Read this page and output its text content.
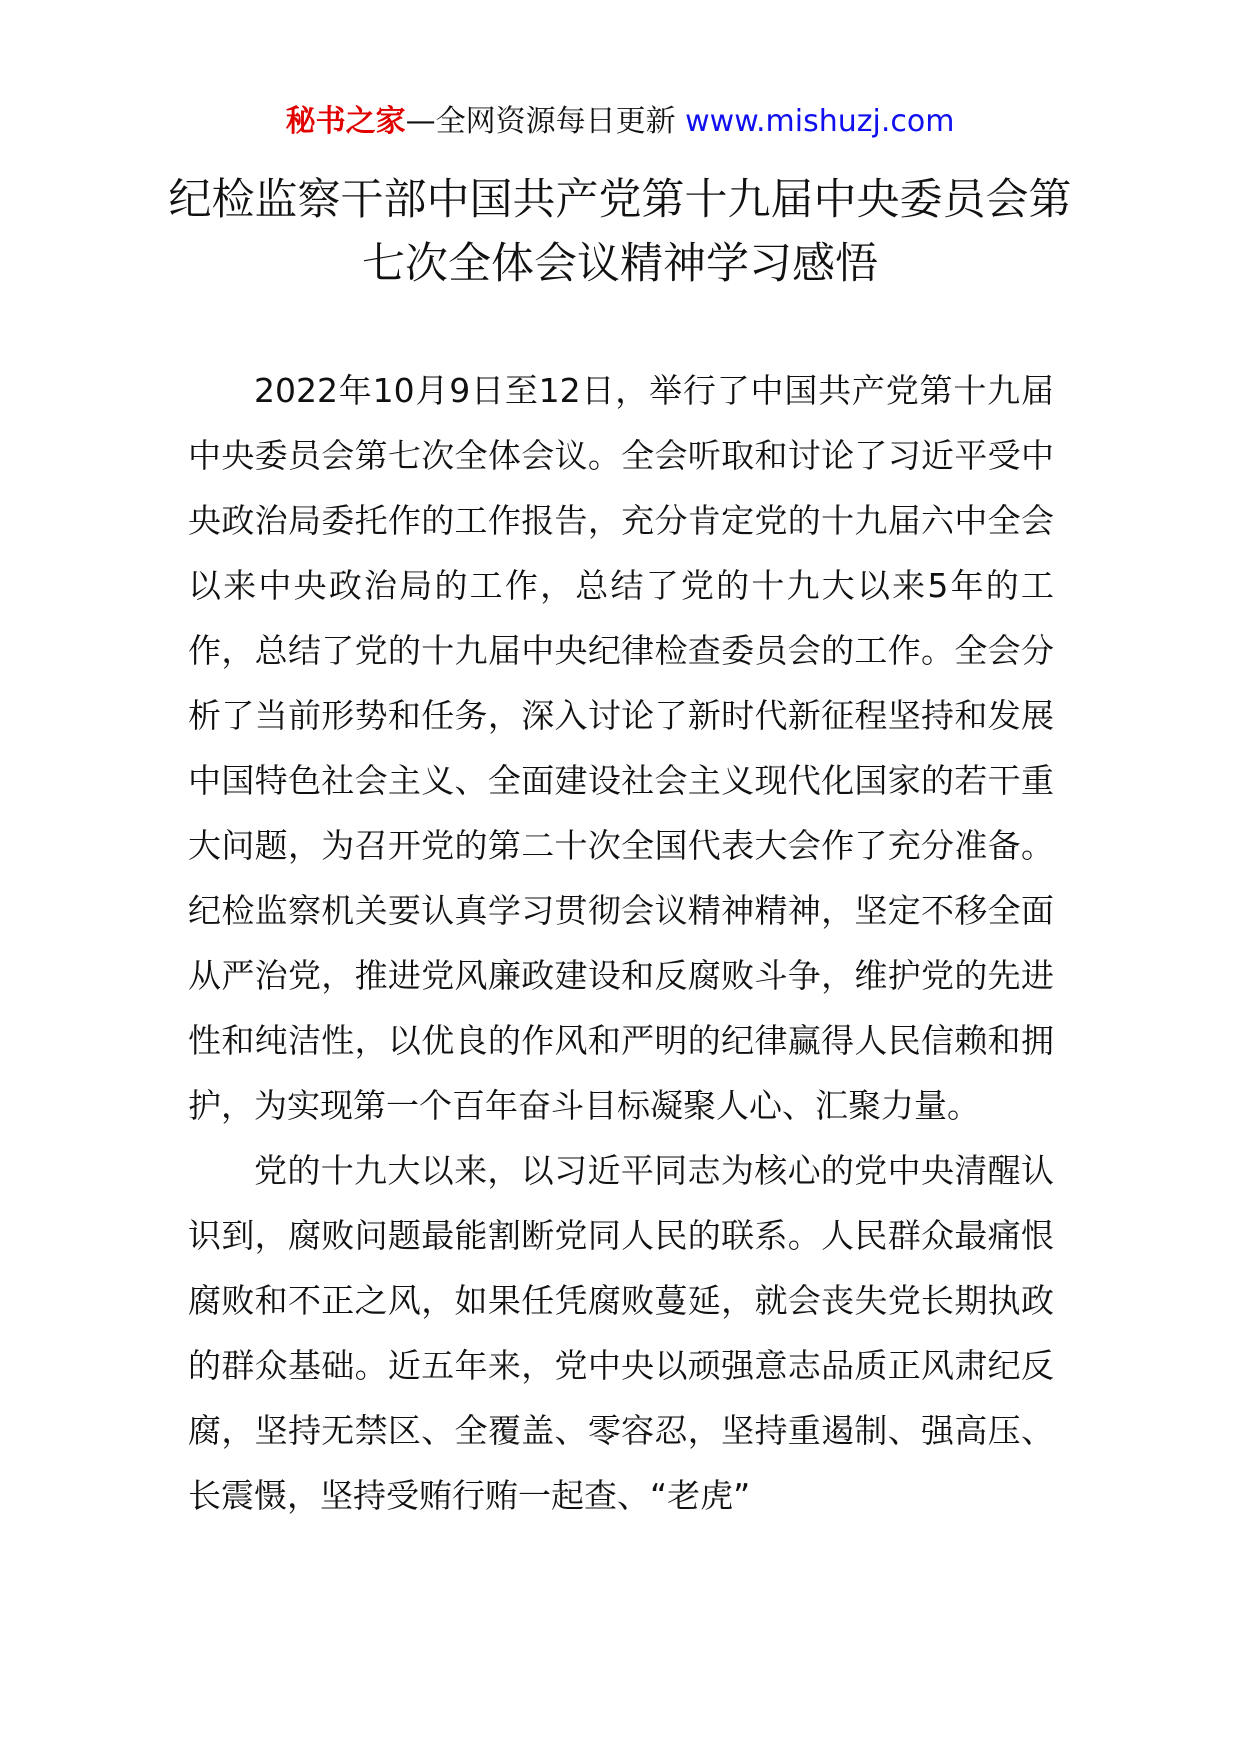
秘书之家—全网资源每日更新 www.mishuzj.com
纪检监察干部中国共产党第十九届中央委员会第七次全体会议精神学习感悟

2022年10月9日至12日，举行了中国共产党第十九届中央委员会第七次全体会议。全会听取和讨论了习近平受中央政治局委托作的工作报告，充分肯定党的十九届六中全会以来中央政治局的工作，总结了党的十九大以来5年的工作，总结了党的十九届中央纪律检查委员会的工作。全会分析了当前形势和任务，深入讨论了新时代新征程坚持和发展中国特色社会主义、全面建设社会主义现代化国家的若干重大问题，为召开党的第二十次全国代表大会作了充分准备。纪检监察机关要认真学习贯彻会议精神精神，坚定不移全面从严治党，推进党风廉政建设和反腐败斗争，维护党的先进性和纯洁性，以优良的作风和严明的纪律赢得人民信赖和拥护，为实现第一个百年奋斗目标凝聚人心、汇聚力量。

党的十九大以来，以习近平同志为核心的党中央清醒认识到，腐败问题最能割断党同人民的联系。人民群众最痛恨腐败和不正之风，如果任凭腐败蔓延，就会丧失党长期执政的群众基础。近五年来，党中央以顽强意志品质正风肃纪反腐，坚持无禁区、全覆盖、零容忍，坚持重遏制、强高压、长震慑，坚持受贿行贿一起查、“老虎”
